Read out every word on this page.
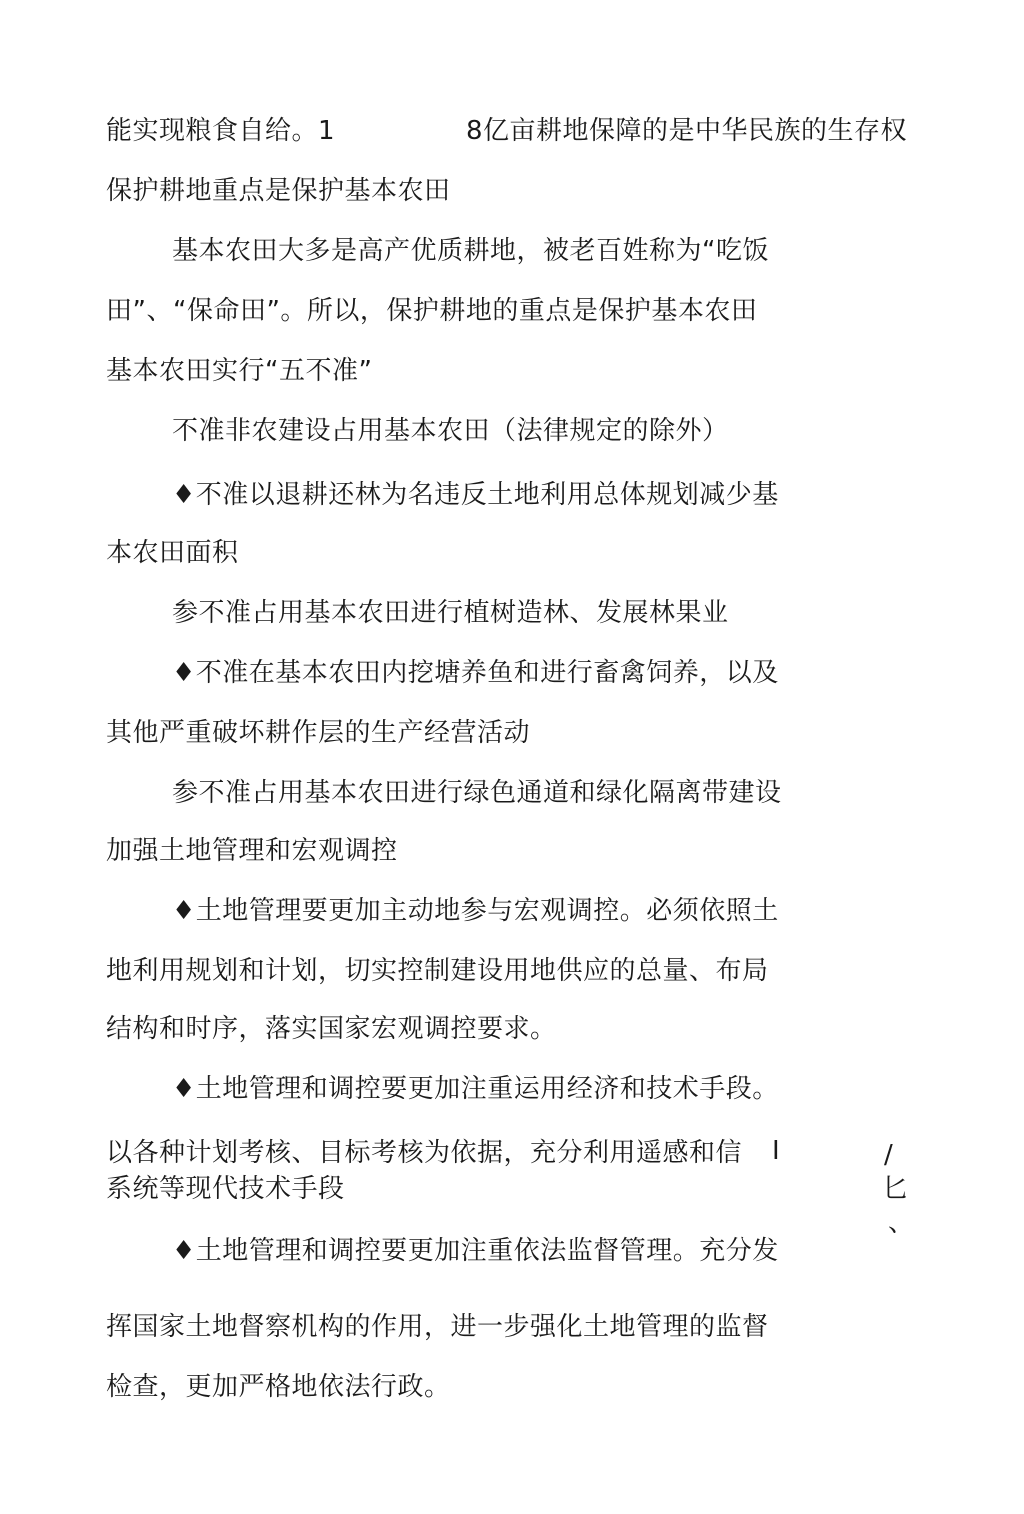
能实现粮食自给。1	8亿亩耕地保障的是中华民族的生存权
保护耕地重点是保护基本农田
基本农田大多是高产优质耕地，被老百姓称为“吃饭
田”、“保命田”。所以，保护耕地的重点是保护基本农田
基本农田实行“五不准”
不准非农建设占用基本农田（法律规定的除外）
♦不准以退耕还林为名违反土地利用总体规划减少基
本农田面积
参不准占用基本农田进行植树造林、发展林果业
♦不准在基本农田内挖塘养鱼和进行畜禽饲养，以及
其他严重破坏耕作层的生产经营活动
参不准占用基本农田进行绿色通道和绿化隔离带建设
加强土地管理和宏观调控
♦土地管理要更加主动地参与宏观调控。必须依照土
地利用规划和计划，切实控制建设用地供应的总量、布局
结构和时序，落实国家宏观调控要求。
♦土地管理和调控要更加注重运用经济和技术手段。
以各种计划考核、目标考核为依据，充分利用遥感和信 I
系统等现代技术手段
♦土地管理和调控要更加注重依法监督管理。充分发
挥国家土地督察机构的作用，进一步强化土地管理的监督
检查，更加严格地依法行政。
/
匕
、
